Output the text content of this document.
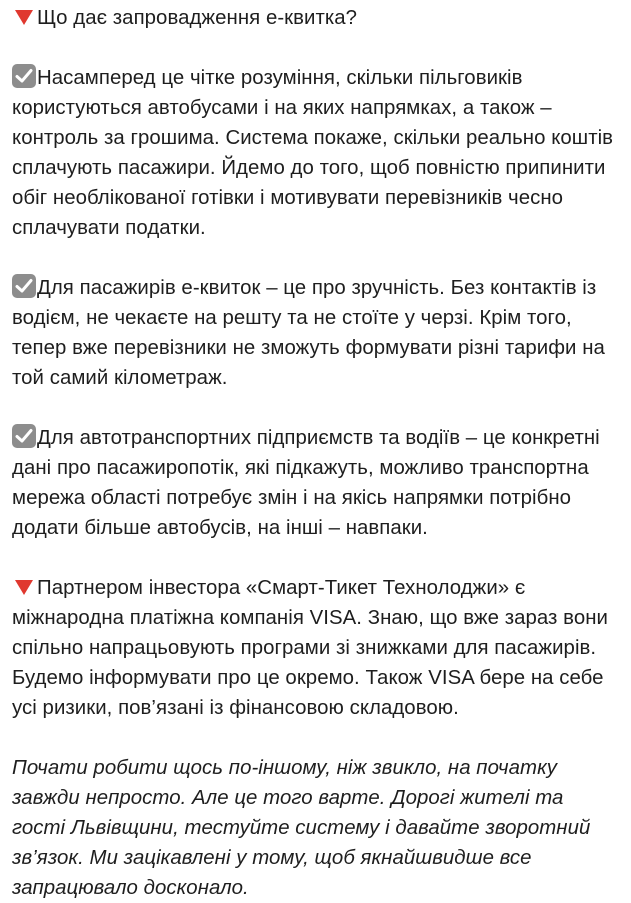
Що дає запровадження е-квитка?
Насамперед це чітке розуміння, скільки пільговиків користуються автобусами і на яких напрямках, а також – контроль за грошима. Система покаже, скільки реально коштів сплачують пасажири. Йдемо до того, щоб повністю припинити обіг необлікованої готівки і мотивувати перевізників чесно сплачувати податки.
Для пасажирів е-квиток – це про зручність. Без контактів із водієм, не чекаєте на решту та не стоїте у черзі. Крім того, тепер вже перевізники не зможуть формувати різні тарифи на той самий кілометраж.
Для автотранспортних підприємств та водіїв – це конкретні дані про пасажиропотік, які підкажуть, можливо транспортна мережа області потребує змін і на якісь напрямки потрібно додати більше автобусів, на інші – навпаки.
Партнером інвестора «Смарт-Тикет Технолоджи» є міжнародна платіжна компанія VISA. Знаю, що вже зараз вони спільно напрацьовують програми зі знижками для пасажирів. Будемо інформувати про це окремо. Також VISA бере на себе усі ризики, пов’язані із фінансовою складовою.
Почати робити щось по-іншому, ніж звикло, на початку завжди непросто. Але це того варте. Дорогі жителі та гості Львівщини, тестуйте систему і давайте зворотний зв’язок. Ми зацікавлені у тому, щоб якнайшвидше все запрацювало досконало.
